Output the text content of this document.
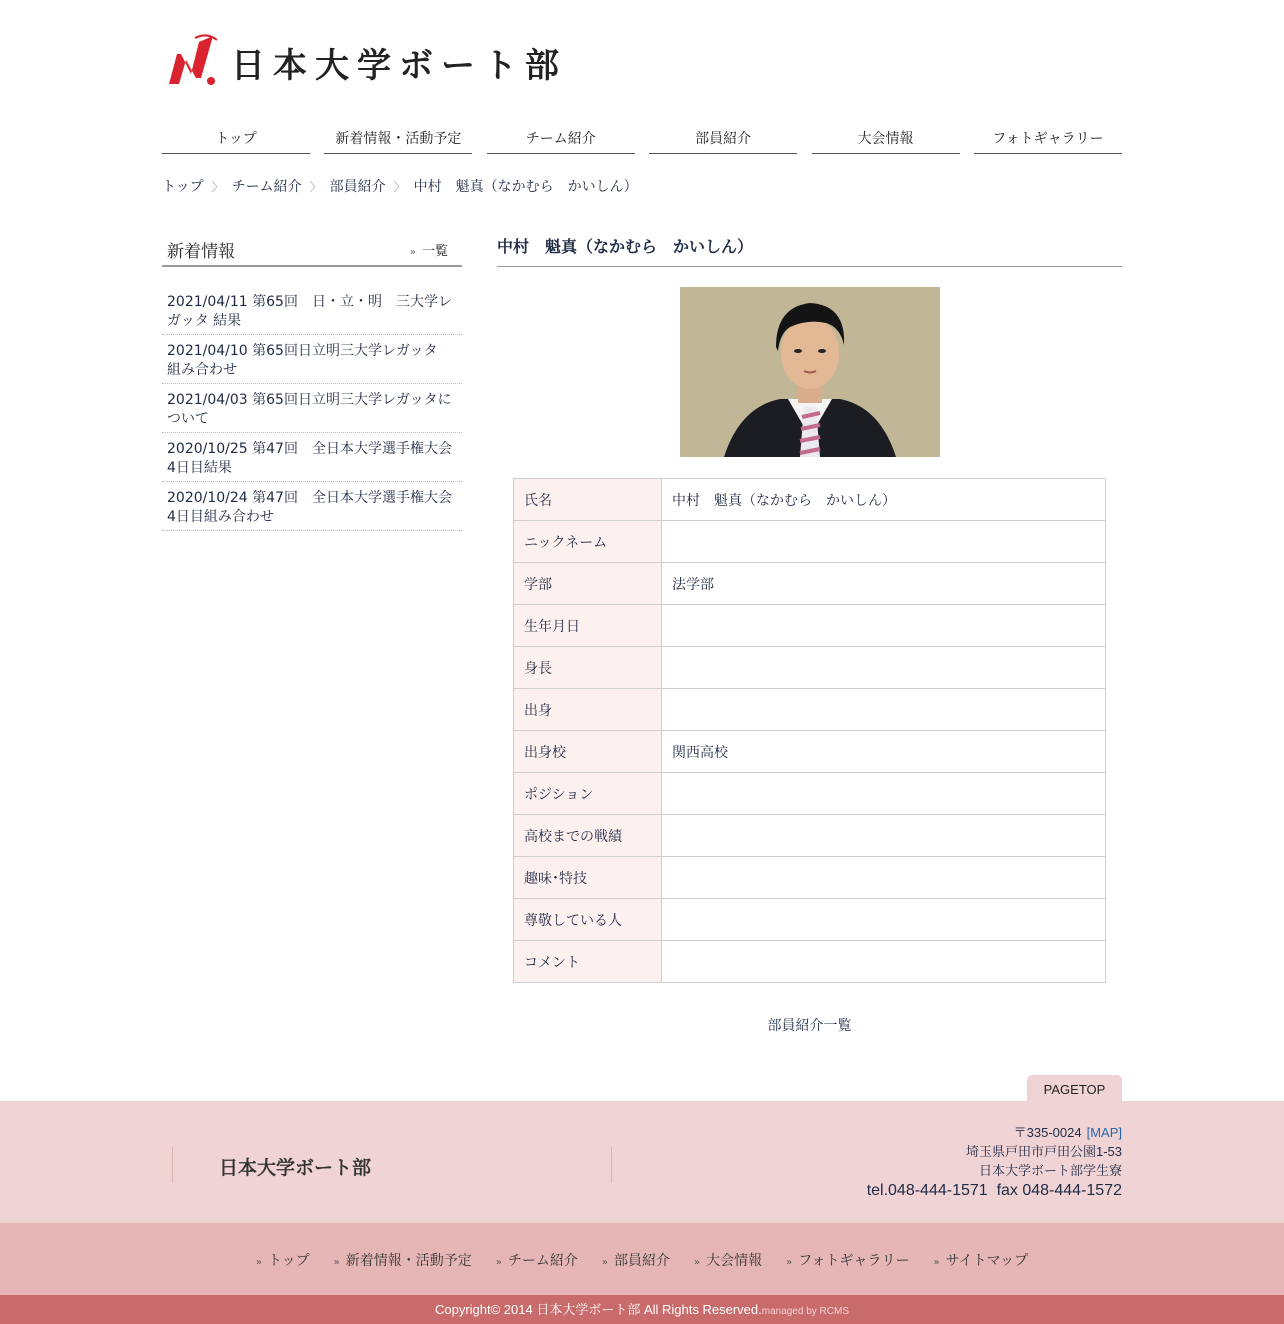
日本大学ボート部
トップ	新着情報・活動予定	チーム紹介	部員紹介	大会情報	フォトギャラリー
トップ 〉 チーム紹介 〉 部員紹介 〉 中村　魁真（なかむら　かいしん）
新着情報	» 一覧
2021/04/11 第65回　日・立・明　三大学レガッタ 結果
2021/04/10 第65回日立明三大学レガッタ　組み合わせ
2021/04/03 第65回日立明三大学レガッタについて
2020/10/25 第47回　全日本大学選手権大会4日目結果
2020/10/24 第47回　全日本大学選手権大会4日目組み合わせ
中村　魁真（なかむら　かいしん）
氏名	中村　魁真（なかむら　かいしん）
ニックネーム	
学部	法学部
生年月日	
身長	
出身	
出身校	関西高校
ポジション	
高校までの戦績	
趣味･特技	
尊敬している人	
コメント	
部員紹介一覧
PAGETOP
日本大学ボート部
〒335-0024 [MAP]
埼玉県戸田市戸田公園1-53
日本大学ボート部学生寮
tel.048-444-1571 fax 048-444-1572
» トップ » 新着情報・活動予定 » チーム紹介 » 部員紹介 » 大会情報 » フォトギャラリー » サイトマップ
Copyright© 2014 日本大学ボート部 All Rights Reserved.managed by RCMS
